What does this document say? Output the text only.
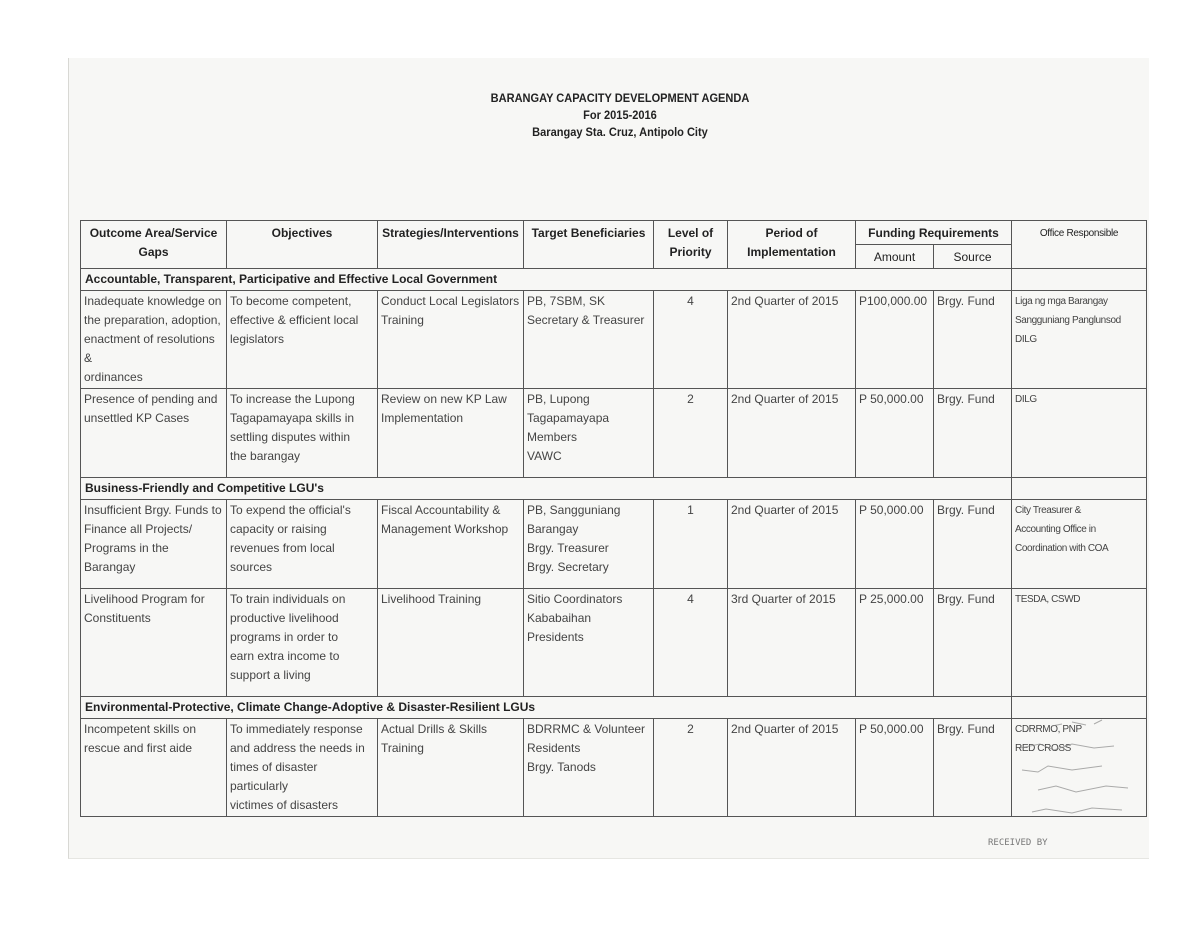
BARANGAY CAPACITY DEVELOPMENT AGENDA
For 2015-2016
Barangay Sta. Cruz, Antipolo City
Outcome Area/Service Gaps	Objectives	Strategies/Interventions	Target Beneficiaries	Level of Priority	Period of Implementation	Funding Requirements		Office Responsible
						Amount	Source	
Accountable, Transparent, Participative and Effective Local Government								

Inadequate knowledge on
the preparation, adoption,
enactment of resolutions &
ordinances	To become competent,
effective & efficient local
legislators	Conduct Local Legislators
Training	PB, 7SBM, SK
Secretary & Treasurer	4	2nd Quarter of 2015	P100,000.00	Brgy. Fund	Liga ng mga Barangay
Sangguniang Panglunsod
DILG

Presence of pending and
unsettled KP Cases	To increase the Lupong
Tagapamayapa skills in
settling disputes within
the barangay	Review on new KP Law
Implementation	PB, Lupong
Tagapamayapa
Members
VAWC	2	2nd Quarter of 2015	P 50,000.00	Brgy. Fund	DILG

Business-Friendly and Competitive LGU's								

Insufficient Brgy. Funds to
Finance all Projects/
Programs in the Barangay	To expend the official's
capacity or raising
revenues from local
sources	Fiscal Accountability &
Management Workshop	PB, Sangguniang
Barangay
Brgy. Treasurer
Brgy. Secretary	1	2nd Quarter of 2015	P 50,000.00	Brgy. Fund	City Treasurer &
Accounting Office in
Coordination with COA

Livelihood Program for
Constituents	To train individuals on
productive livelihood
programs in order to
earn extra income to
support a living	Livelihood Training	Sitio Coordinators
Kababaihan Presidents	4	3rd Quarter of 2015	P 25,000.00	Brgy. Fund	TESDA, CSWD

Environmental-Protective, Climate Change-Adoptive & Disaster-Resilient LGUs								

Incompetent skills on
rescue and first aide	To immediately response
and address the needs in
times of disaster particularly
victimes of disasters	Actual Drills & Skills
Training	BDRRMC & Volunteer
Residents
Brgy. Tanods	2	2nd Quarter of 2015	P 50,000.00	Brgy. Fund	CDRRMO, PNP
RED CROSS
RECEIVED BY
